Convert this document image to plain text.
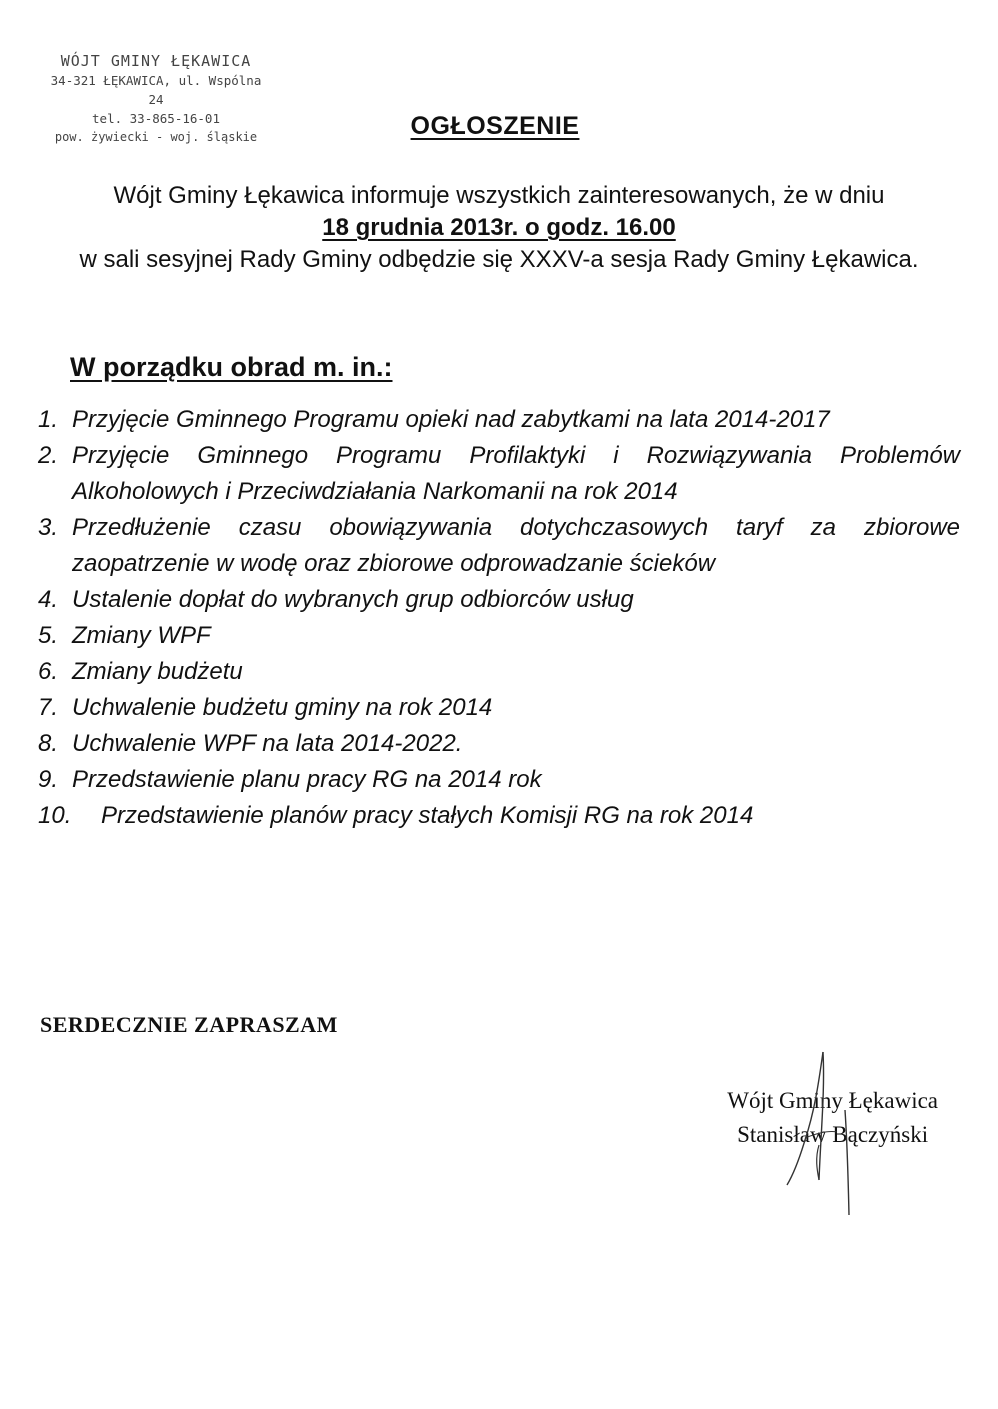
WÓJT GMINY ŁĘKAWICA
34-321 ŁĘKAWICA, ul. Wspólna 24
tel. 33-865-16-01
pow. żywiecki - woj. śląskie	OGŁOSZENIE
Wójt Gminy Łękawica informuje wszystkich zainteresowanych, że w dniu
18 grudnia 2013r. o godz. 16.00
w sali sesyjnej Rady Gminy odbędzie się XXXV-a sesja Rady Gminy Łękawica.
W porządku obrad m. in.:
1. Przyjęcie Gminnego Programu opieki nad zabytkami na lata 2014-2017
2. Przyjęcie Gminnego Programu Profilaktyki i Rozwiązywania Problemów Alkoholowych i Przeciwdziałania Narkomanii na rok 2014
3. Przedłużenie czasu obowiązywania dotychczasowych taryf za zbiorowe zaopatrzenie w wodę oraz zbiorowe odprowadzanie ścieków
4. Ustalenie dopłat do wybranych grup odbiorców usług
5. Zmiany WPF
6. Zmiany budżetu
7. Uchwalenie budżetu gminy na rok 2014
8. Uchwalenie WPF na lata 2014-2022.
9. Przedstawienie planu pracy RG na 2014 rok
10. Przedstawienie planów pracy stałych Komisji RG na rok 2014
SERDECZNIE ZAPRASZAM
Wójt Gminy Łękawica
Stanisław Bączyński
